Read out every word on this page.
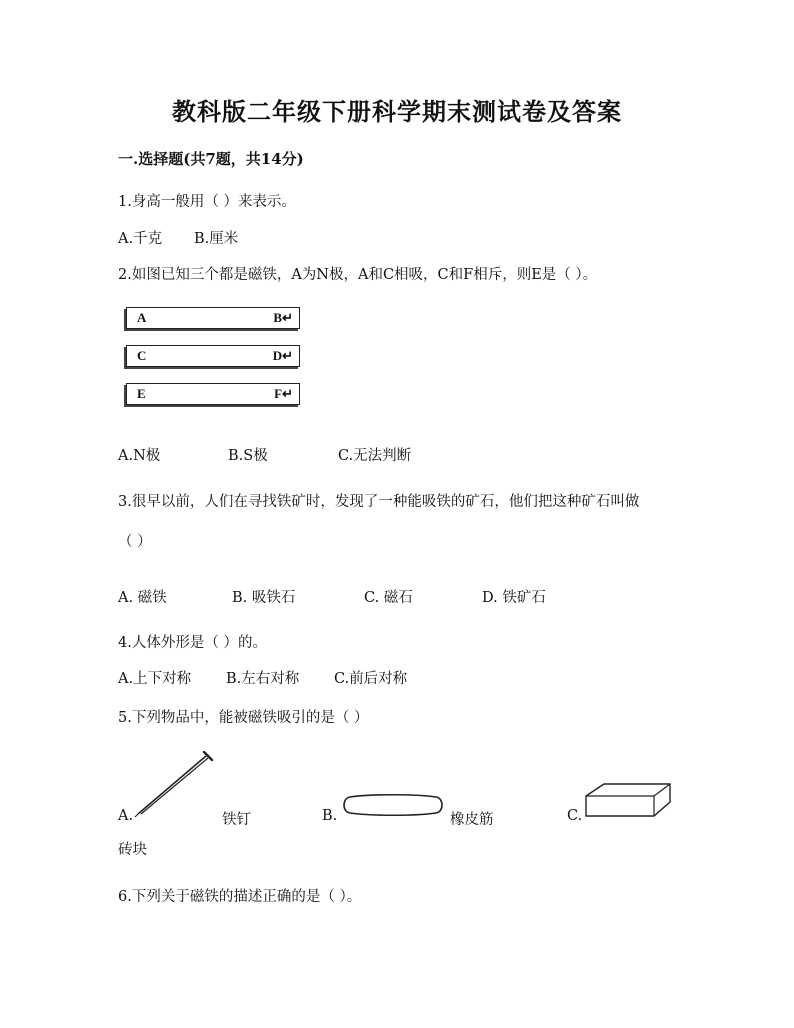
教科版二年级下册科学期末测试卷及答案
一.选择题(共7题，共14分)
1.身高一般用（ ）来表示。
A.千克 B.厘米
2.如图已知三个都是磁铁，A为N极，A和C相吸，C和F相斥，则E是（ ）。
A	B↵
C	D↵
E	F↵
A.N极	B.S极	C.无法判断
3.很早以前，人们在寻找铁矿时，发现了一种能吸铁的矿石，他们把这种矿石叫做
（ ）
A. 磁铁	B. 吸铁石	C. 磁石	D. 铁矿石
4.人体外形是（ ）的。
A.上下对称 B.左右对称 C.前后对称
5.下列物品中，能被磁铁吸引的是（ ）
A.	铁钉	B.	橡皮筋	C.
砖块
6.下列关于磁铁的描述正确的是（ ）。
